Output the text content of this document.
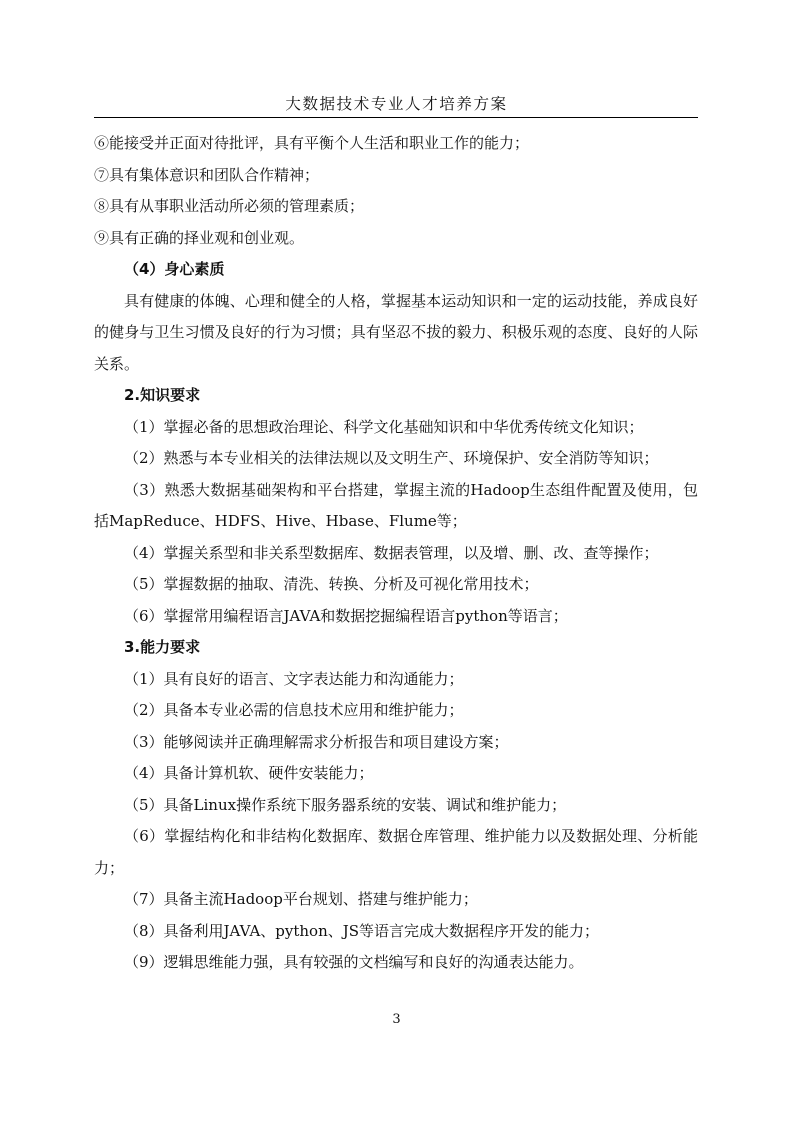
大数据技术专业人才培养方案
⑥能接受并正面对待批评，具有平衡个人生活和职业工作的能力；
⑦具有集体意识和团队合作精神；
⑧具有从事职业活动所必须的管理素质；
⑨具有正确的择业观和创业观。
（4）身心素质
具有健康的体魄、心理和健全的人格，掌握基本运动知识和一定的运动技能，养成良好的健身与卫生习惯及良好的行为习惯；具有坚忍不拔的毅力、积极乐观的态度、良好的人际关系。
2.知识要求
（1）掌握必备的思想政治理论、科学文化基础知识和中华优秀传统文化知识；
（2）熟悉与本专业相关的法律法规以及文明生产、环境保护、安全消防等知识；
（3）熟悉大数据基础架构和平台搭建，掌握主流的Hadoop生态组件配置及使用，包括MapReduce、HDFS、Hive、Hbase、Flume等；
（4）掌握关系型和非关系型数据库、数据表管理，以及增、删、改、查等操作；
（5）掌握数据的抽取、清洗、转换、分析及可视化常用技术；
（6）掌握常用编程语言JAVA和数据挖掘编程语言python等语言；
3.能力要求
（1）具有良好的语言、文字表达能力和沟通能力；
（2）具备本专业必需的信息技术应用和维护能力；
（3）能够阅读并正确理解需求分析报告和项目建设方案；
（4）具备计算机软、硬件安装能力；
（5）具备Linux操作系统下服务器系统的安装、调试和维护能力；
（6）掌握结构化和非结构化数据库、数据仓库管理、维护能力以及数据处理、分析能力；
（7）具备主流Hadoop平台规划、搭建与维护能力；
（8）具备利用JAVA、python、JS等语言完成大数据程序开发的能力；
（9）逻辑思维能力强，具有较强的文档编写和良好的沟通表达能力。
3
